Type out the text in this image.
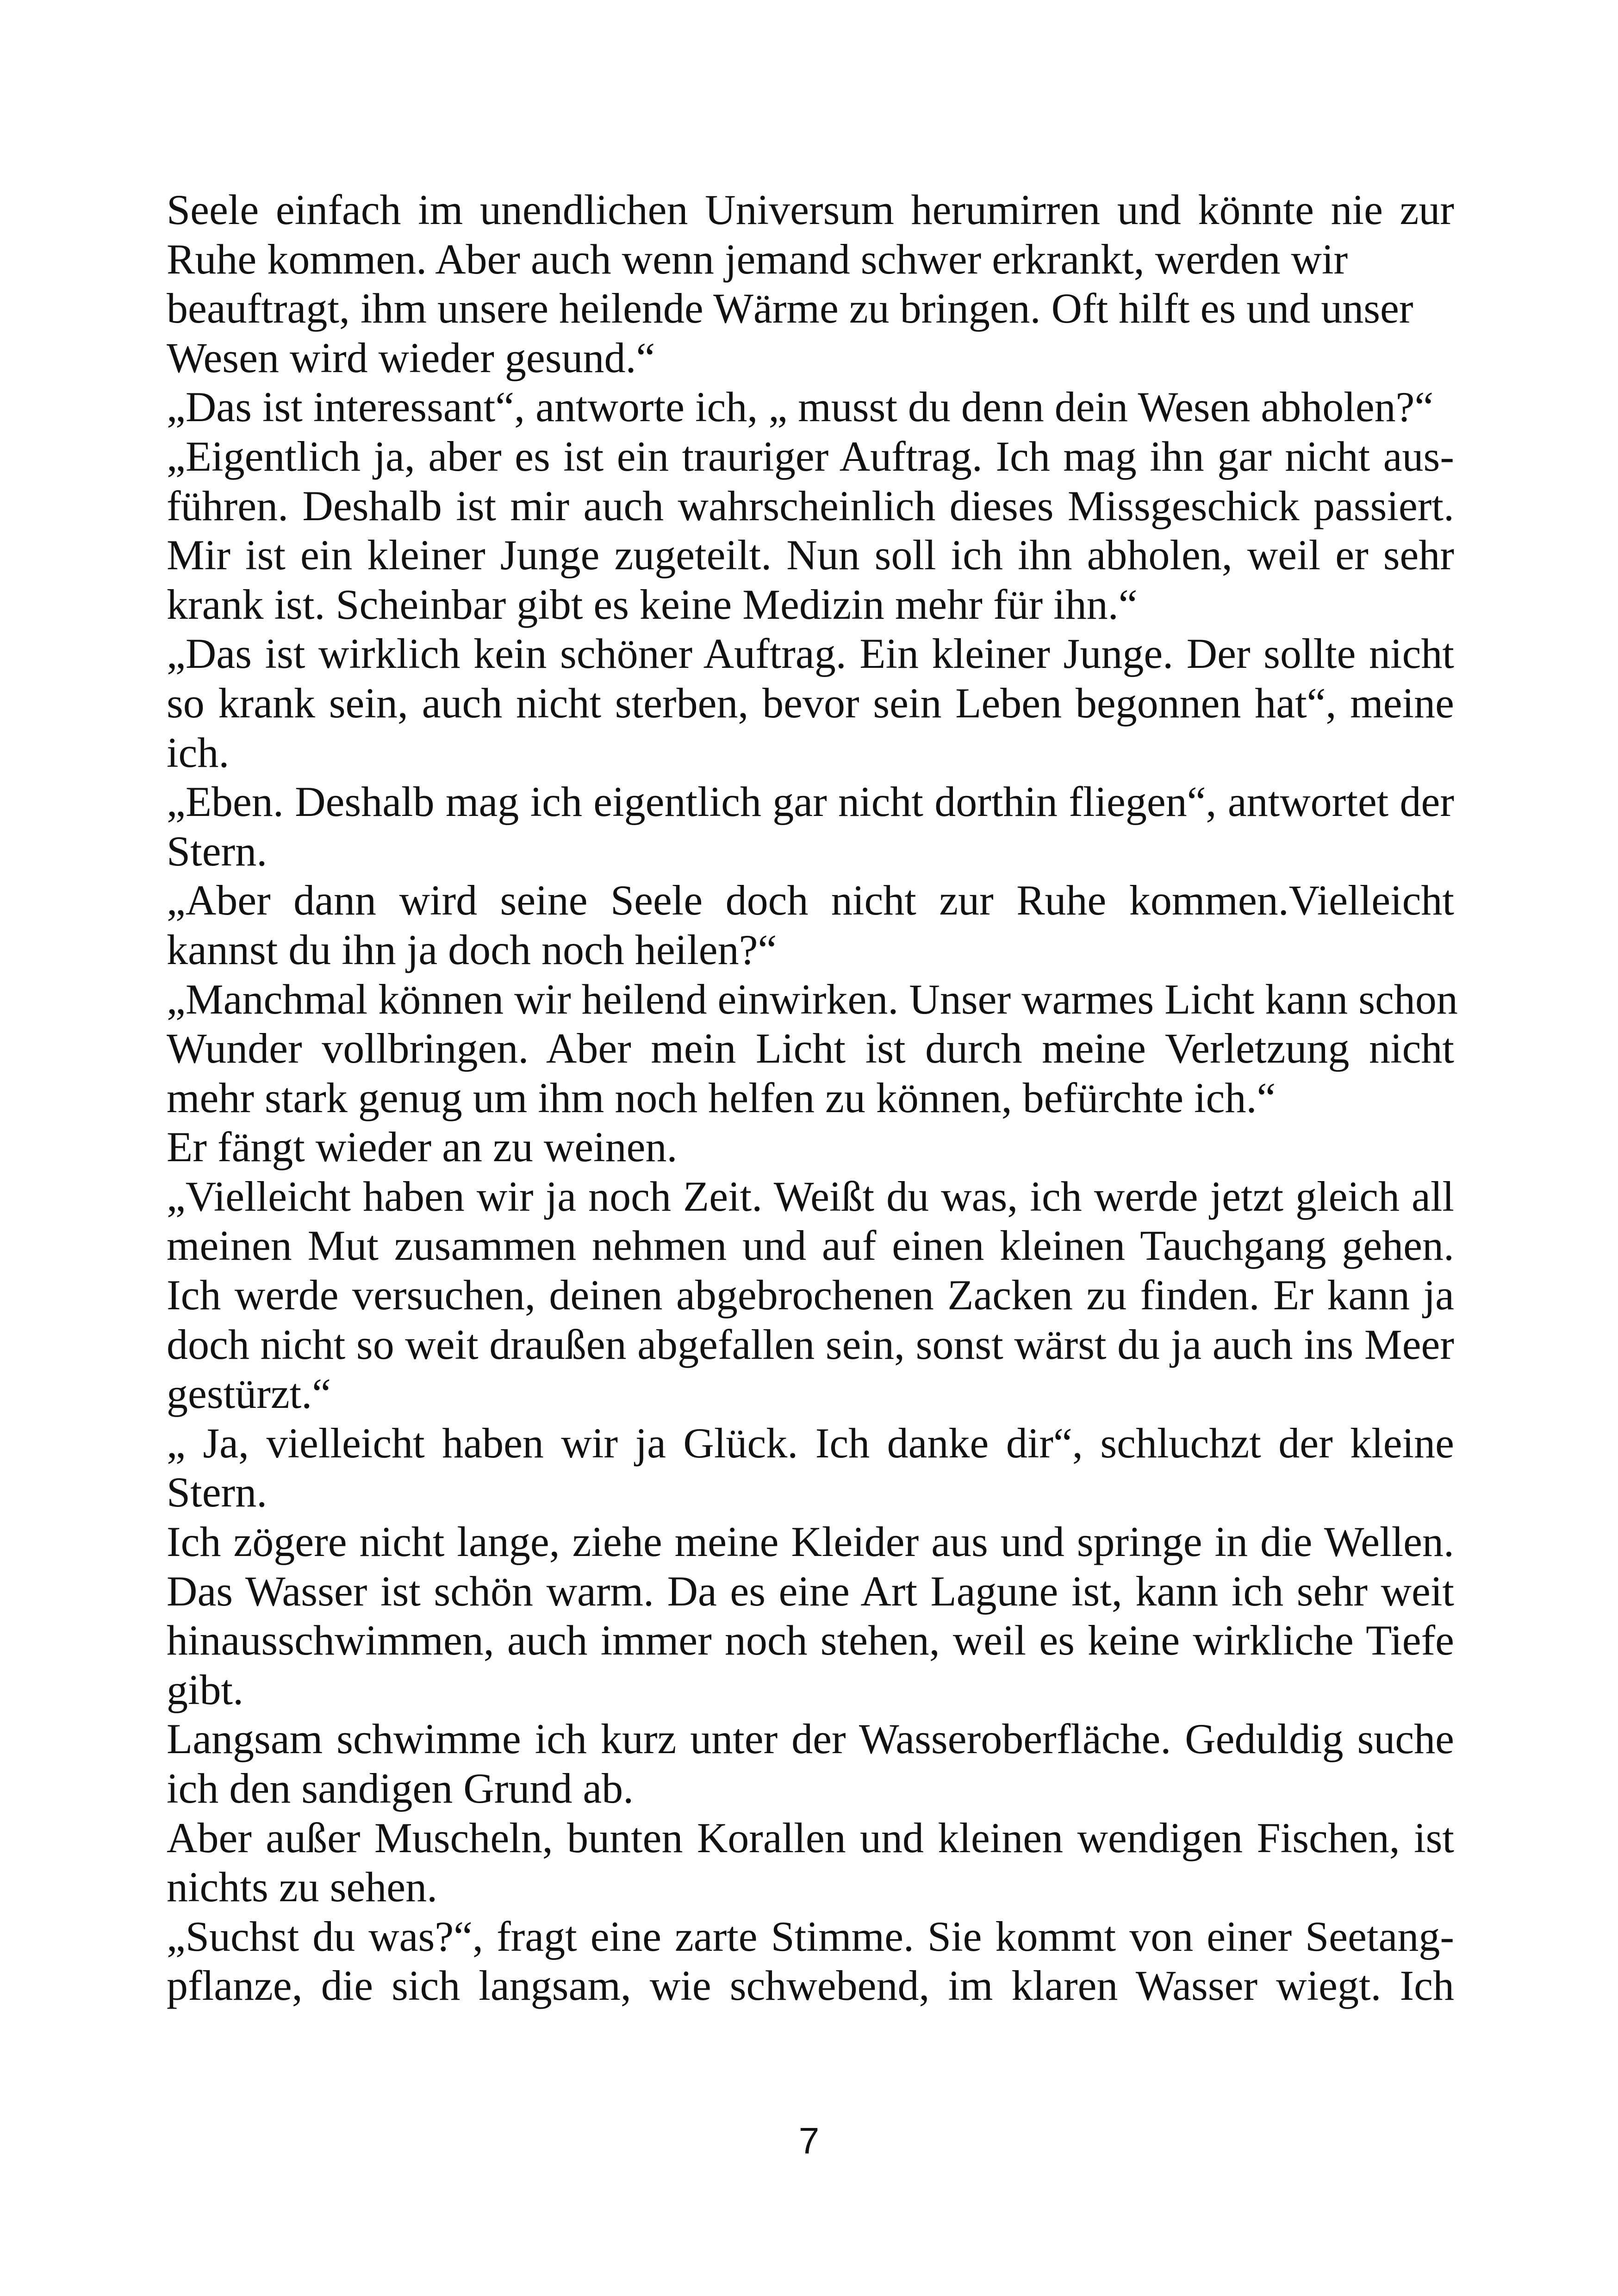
Seele einfach im unendlichen Universum herumirren und könnte nie zur
Ruhe kommen. Aber auch wenn jemand schwer erkrankt, werden wir
beauftragt, ihm unsere heilende Wärme zu bringen. Oft hilft es und unser
Wesen wird wieder gesund.“
„Das ist interessant“, antworte ich, „ musst du denn dein Wesen abholen?“
„Eigentlich ja, aber es ist ein trauriger Auftrag. Ich mag ihn gar nicht aus-
führen. Deshalb ist mir auch wahrscheinlich dieses Missgeschick passiert.
Mir ist ein kleiner Junge zugeteilt. Nun soll ich ihn abholen, weil er sehr
krank ist. Scheinbar gibt es keine Medizin mehr für ihn.“
„Das ist wirklich kein schöner Auftrag. Ein kleiner Junge. Der sollte nicht
so krank sein, auch nicht sterben, bevor sein Leben begonnen hat“, meine
ich.
„Eben. Deshalb mag ich eigentlich gar nicht dorthin fliegen“, antwortet der
Stern.
„Aber dann wird seine Seele doch nicht zur Ruhe kommen.Vielleicht
kannst du ihn ja doch noch heilen?“
„Manchmal können wir heilend einwirken. Unser warmes Licht kann schon
Wunder vollbringen. Aber mein Licht ist durch meine Verletzung nicht
mehr stark genug um ihm noch helfen zu können, befürchte ich.“
Er fängt wieder an zu weinen.
„Vielleicht haben wir ja noch Zeit. Weißt du was, ich werde jetzt gleich all
meinen Mut zusammen nehmen und auf einen kleinen Tauchgang gehen.
Ich werde versuchen, deinen abgebrochenen Zacken zu finden. Er kann ja
doch nicht so weit draußen abgefallen sein, sonst wärst du ja auch ins Meer
gestürzt.“
„ Ja, vielleicht haben wir ja Glück. Ich danke dir“, schluchzt der kleine
Stern.
Ich zögere nicht lange, ziehe meine Kleider aus und springe in die Wellen.
Das Wasser ist schön warm. Da es eine Art Lagune ist, kann ich sehr weit
hinausschwimmen, auch immer noch stehen, weil es keine wirkliche Tiefe
gibt.
Langsam schwimme ich kurz unter der Wasseroberfläche. Geduldig suche
ich den sandigen Grund ab.
Aber außer Muscheln, bunten Korallen und kleinen wendigen Fischen, ist
nichts zu sehen.
„Suchst du was?“, fragt eine zarte Stimme. Sie kommt von einer Seetang-
pflanze, die sich langsam, wie schwebend, im klaren Wasser wiegt. Ich
7
